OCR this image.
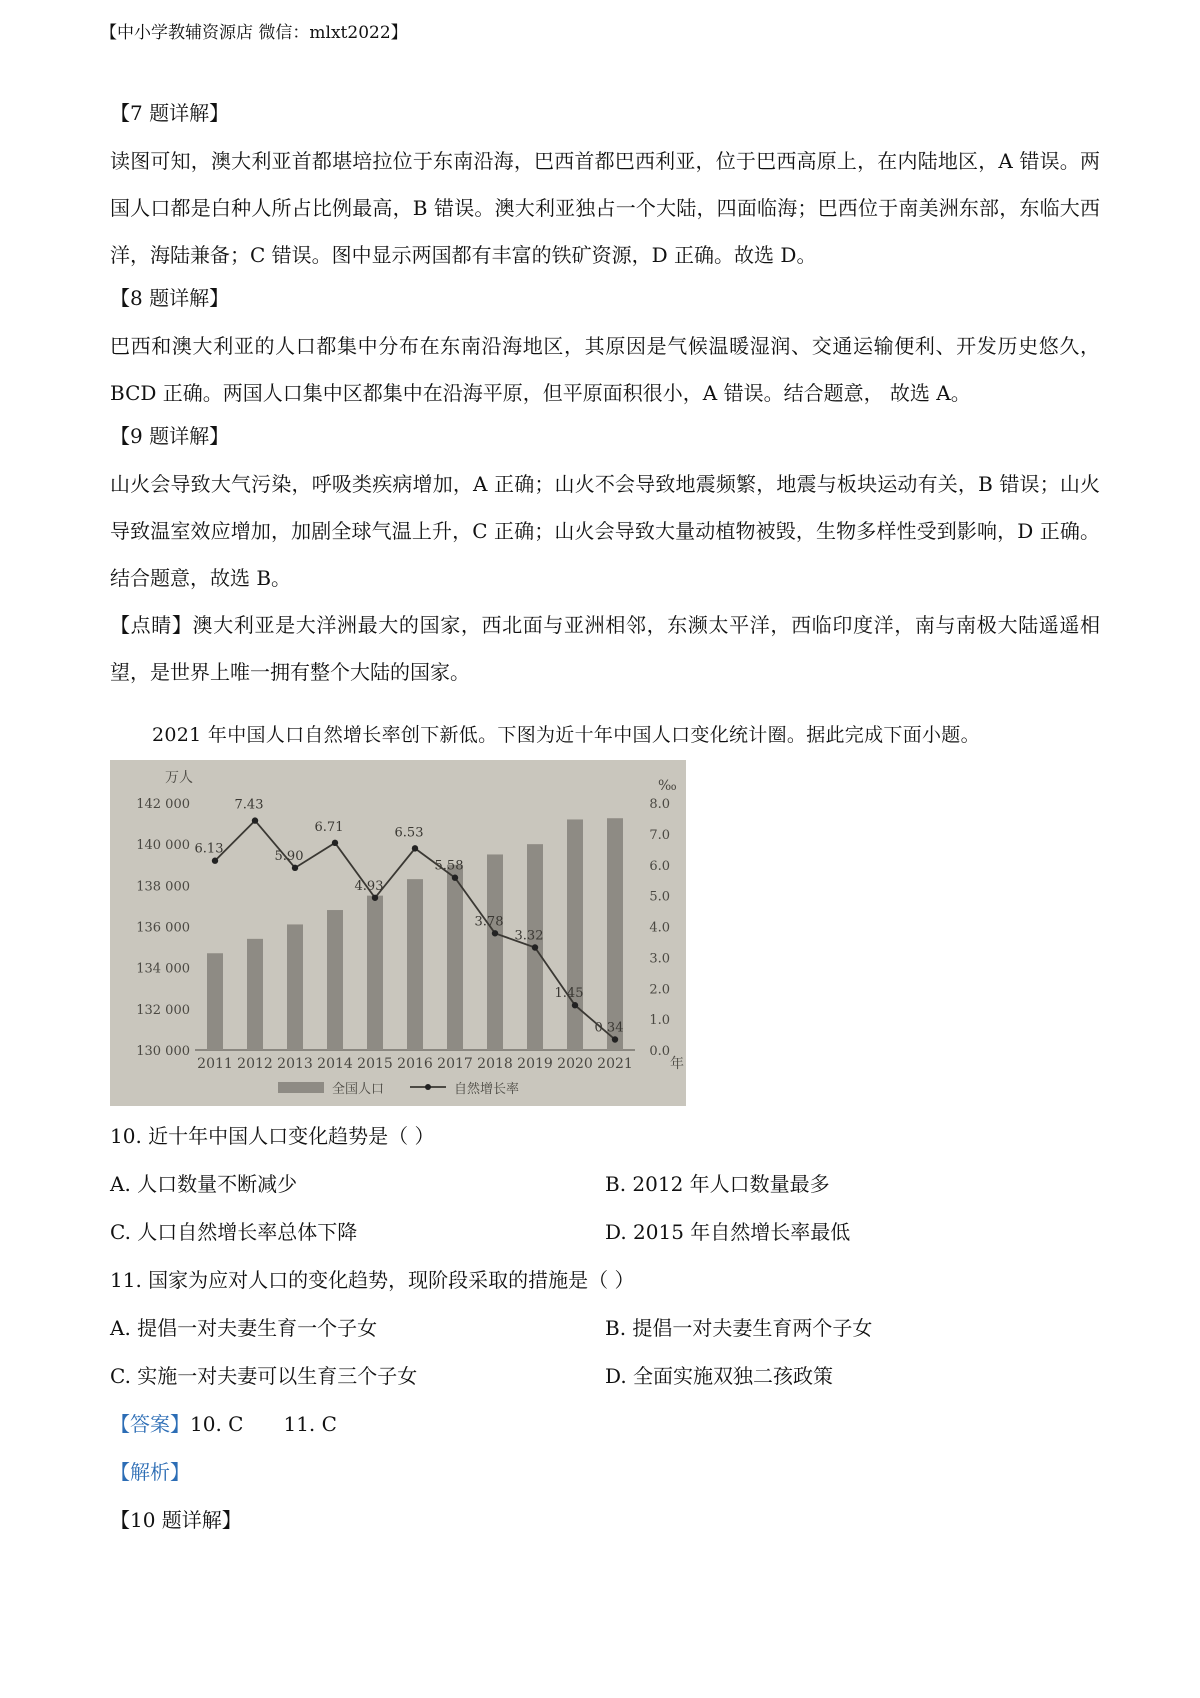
【中小学教辅资源店 微信：mlxt2022】
【7 题详解】

读图可知，澳大利亚首都堪培拉位于东南沿海，巴西首都巴西利亚，位于巴西高原上，在内陆地区，A 错误。两国人口都是白种人所占比例最高，B 错误。澳大利亚独占一个大陆，四面临海；巴西位于南美洲东部，东临大西洋，海陆兼备；C 错误。图中显示两国都有丰富的铁矿资源，D 正确。故选 D。

【8 题详解】

巴西和澳大利亚的人口都集中分布在东南沿海地区，其原因是气候温暖湿润、交通运输便利、开发历史悠久，BCD 正确。两国人口集中区都集中在沿海平原，但平原面积很小，A 错误。结合题意， 故选 A。

【9 题详解】

山火会导致大气污染，呼吸类疾病增加，A 正确；山火不会导致地震频繁，地震与板块运动有关，B 错误；山火导致温室效应增加，加剧全球气温上升，C 正确；山火会导致大量动植物被毁，生物多样性受到影响，D 正确。结合题意，故选 B。

【点睛】澳大利亚是大洋洲最大的国家，西北面与亚洲相邻，东濒太平洋，西临印度洋，南与南极大陆遥遥相望，是世界上唯一拥有整个大陆的国家。

2021 年中国人口自然增长率创下新低。下图为近十年中国人口变化统计圈。据此完成下面小题。
万人	‰
130 000
132 000
134 000
136 000
138 000
140 000
142 000
0.0
1.0
2.0
3.0
4.0
5.0
6.0
7.0
8.0
2011 2012 2013 2014 2015 2016 2017 2018 2019 2020 2021	年
6.13
7.43
5.90
6.71
4.93
6.53
5.58
3.78
3.32
1.45
0.34
全国人口	自然增长率
10. 近十年中国人口变化趋势是（ ）
A. 人口数量不断减少	B. 2012 年人口数量最多
C. 人口自然增长率总体下降	D. 2015 年自然增长率最低
11. 国家为应对人口的变化趋势，现阶段采取的措施是（ ）
A. 提倡一对夫妻生育一个子女	B. 提倡一对夫妻生育两个子女
C. 实施一对夫妻可以生育三个子女	D. 全面实施双独二孩政策
【答案】10. C 11. C
【解析】
【10 题详解】
